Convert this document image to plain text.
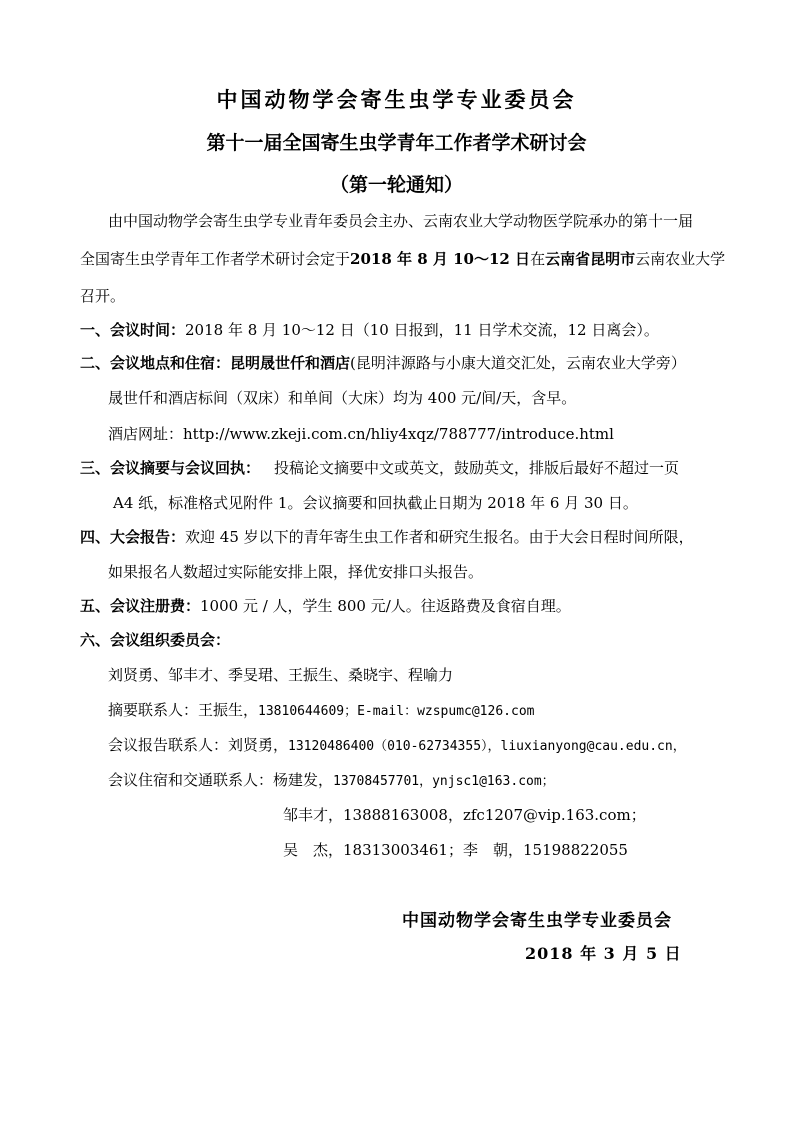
中国动物学会寄生虫学专业委员会
第十一届全国寄生虫学青年工作者学术研讨会
（第一轮通知）
由中国动物学会寄生虫学专业青年委员会主办、云南农业大学动物医学院承办的第十一届
全国寄生虫学青年工作者学术研讨会定于2018 年 8 月 10～12 日在云南省昆明市云南农业大学
召开。
一、会议时间：2018 年 8 月 10～12 日（10 日报到，11 日学术交流，12 日离会）。
二、会议地点和住宿：昆明晟世仟和酒店(昆明沣源路与小康大道交汇处，云南农业大学旁）
晟世仟和酒店标间（双床）和单间（大床）均为 400 元/间/天，含早。
酒店网址：http://www.zkeji.com.cn/hliy4xqz/788777/introduce.html
三、会议摘要与会议回执： 投稿论文摘要中文或英文，鼓励英文，排版后最好不超过一页
A4 纸，标准格式见附件 1。会议摘要和回执截止日期为 2018 年 6 月 30 日。
四、大会报告：欢迎 45 岁以下的青年寄生虫工作者和研究生报名。由于大会日程时间所限，
如果报名人数超过实际能安排上限，择优安排口头报告。
五、会议注册费：1000 元 / 人，学生 800 元/人。往返路费及食宿自理。
六、会议组织委员会：
刘贤勇、邹丰才、季旻珺、王振生、桑晓宇、程喻力
摘要联系人：王振生，13810644609；E-mail：wzspumc@126.com
会议报告联系人：刘贤勇，13120486400（010-62734355），liuxianyong@cau.edu.cn，
会议住宿和交通联系人：杨建发，13708457701，ynjsc1@163.com；
邹丰才，13888163008，zfc1207@vip.163.com；
吴　杰，18313003461；李　朝，15198822055
中国动物学会寄生虫学专业委员会
2018 年 3 月 5 日
